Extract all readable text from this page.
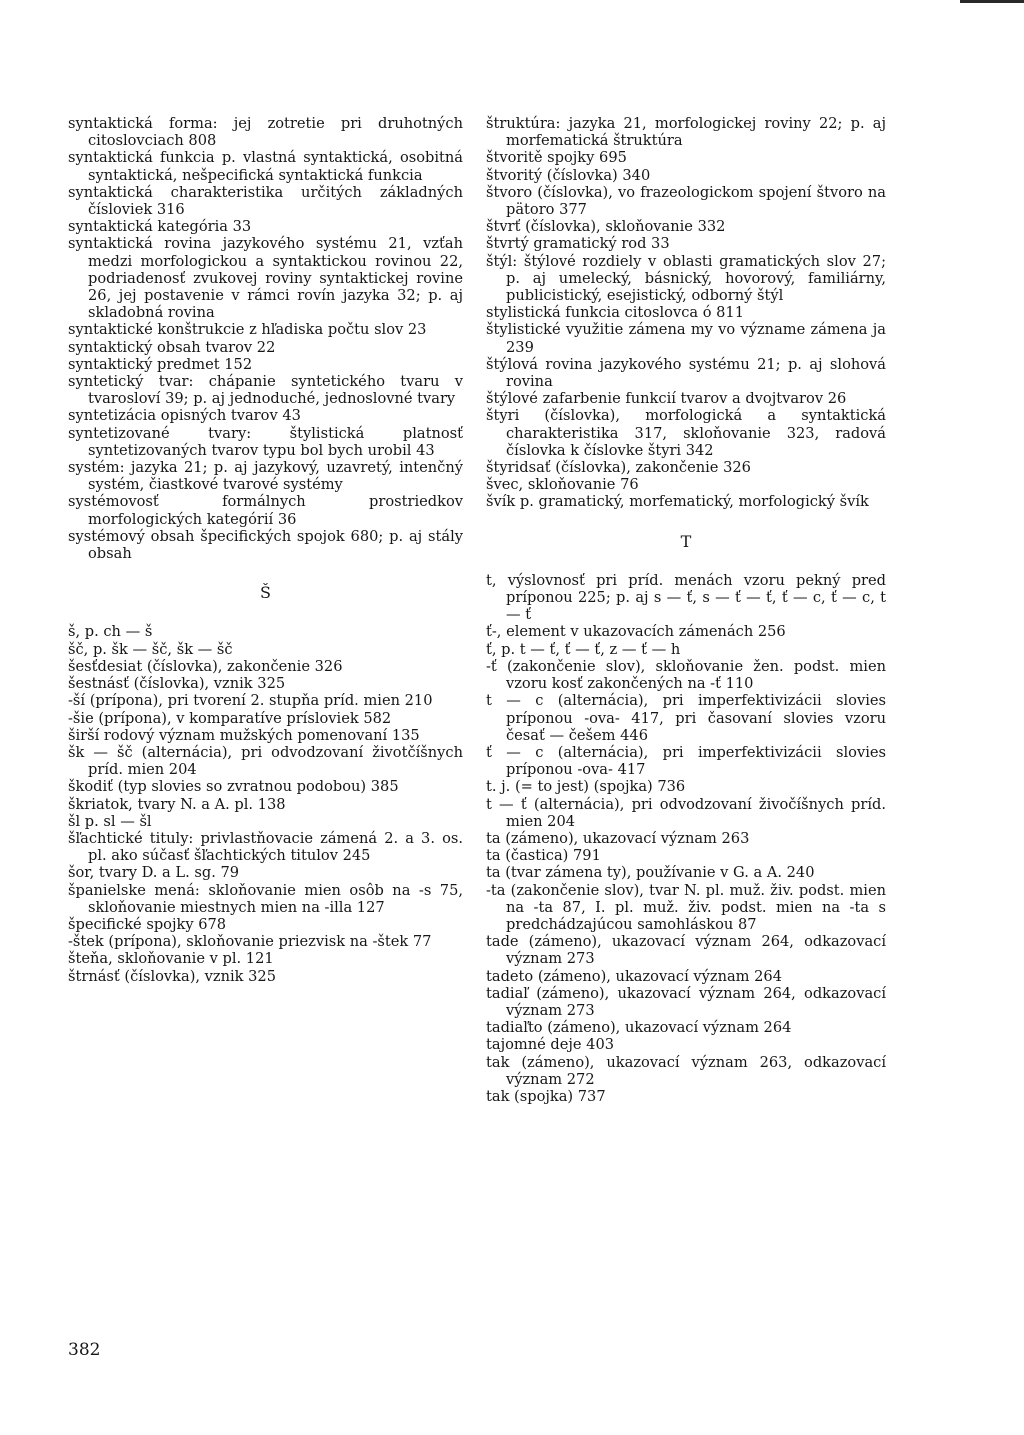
syntaktická forma: jej zotretie pri druhotných citoslovciach 808

syntaktická funkcia p. vlastná syntaktická, osobitná syntaktická, nešpecifická syntaktická funkcia

syntaktická charakteristika určitých základných čísloviek 316

syntaktická kategória 33

syntaktická rovina jazykového systému 21, vzťah medzi morfologickou a syntaktickou rovinou 22, podriadenosť zvukovej roviny syntaktickej rovine 26, jej postavenie v rámci rovín jazyka 32; p. aj skladobná rovina

syntaktické konštrukcie z hľadiska počtu slov 23

syntaktický obsah tvarov 22

syntaktický predmet 152

syntetický tvar: chápanie syntetického tvaru v tvarosloví 39; p. aj jednoduché, jednoslovné tvary

syntetizácia opisných tvarov 43

syntetizované tvary: štylistická platnosť syntetizovaných tvarov typu bol bych urobil 43

systém: jazyka 21; p. aj jazykový, uzavretý, intenčný systém, čiastkové tvarové systémy

systémovosť formálnych prostriedkov morfologických kategórií 36

systémový obsah špecifických spojok 680; p. aj stály obsah

Š

š, p. ch — š

šč, p. šk — šč, šk — šč

šesťdesiat (číslovka), zakončenie 326

šestnásť (číslovka), vznik 325

-ší (prípona), pri tvorení 2. stupňa príd. mien 210

-šie (prípona), v komparatíve prísloviek 582

širší rodový význam mužských pomenovaní 135

šk — šč (alternácia), pri odvodzovaní životčíšnych príd. mien 204

škodiť (typ slovies so zvratnou podobou) 385

škriatok, tvary N. a A. pl. 138

šl p. sl — šl

šľachtické tituly: privlastňovacie zámená 2. a 3. os. pl. ako súčasť šľachtických titulov 245

šor, tvary D. a L. sg. 79

španielske mená: skloňovanie mien osôb na -s 75, skloňovanie miestnych mien na -illa 127

špecifické spojky 678

-štek (prípona), skloňovanie priezvisk na -štek 77

šteňa, skloňovanie v pl. 121

štrnásť (číslovka), vznik 325

štruktúra: jazyka 21, morfologickej roviny 22; p. aj morfematická štruktúra

štvoritě spojky 695

štvoritý (číslovka) 340

štvoro (číslovka), vo frazeologickom spojení štvoro na pätoro 377

štvrť (číslovka), skloňovanie 332

štvrtý gramatický rod 33

štýl: štýlové rozdiely v oblasti gramatických slov 27; p. aj umelecký, básnický, hovorový, familiárny, publicistický, esejistický, odborný štýl

stylistická funkcia citoslovca ó 811

štylistické využitie zámena my vo význame zámena ja 239

štýlová rovina jazykového systému 21; p. aj slohová rovina

štýlové zafarbenie funkcií tvarov a dvojtvarov 26

štyri (číslovka), morfologická a syntaktická charakteristika 317, skloňovanie 323, radová číslovka k číslovke štyri 342

štyridsať (číslovka), zakončenie 326

švec, skloňovanie 76

švík p. gramatický, morfematický, morfologický švík

T

t, výslovnosť pri príd. menách vzoru pekný pred príponou 225; p. aj s — ť, s — ť — ť, ť — c, ť — c, t — ť

ť-, element v ukazovacích zámenách 256

ť, p. t — ť, ť — ť, z — ť — h

-ť (zakončenie slov), skloňovanie žen. podst. mien vzoru kosť zakončených na -ť 110

t — c (alternácia), pri imperfektivizácii slovies príponou -ova- 417, pri časovaní slovies vzoru česať — češem 446

ť — c (alternácia), pri imperfektivizácii slovies príponou -ova- 417

t. j. (= to jest) (spojka) 736

t — ť (alternácia), pri odvodzovaní živočíšnych príd. mien 204

ta (zámeno), ukazovací význam 263

ta (častica) 791

ta (tvar zámena ty), používanie v G. a A. 240

-ta (zakončenie slov), tvar N. pl. muž. živ. podst. mien na -ta 87, I. pl. muž. živ. podst. mien na -ta s predchádzajúcou samohláskou 87

tade (zámeno), ukazovací význam 264, odkazovací význam 273

tadeto (zámeno), ukazovací význam 264

tadiaľ (zámeno), ukazovací význam 264, odkazovací význam 273

tadiaľto (zámeno), ukazovací význam 264

tajomné deje 403

tak (zámeno), ukazovací význam 263, odkazovací význam 272

tak (spojka) 737

382
